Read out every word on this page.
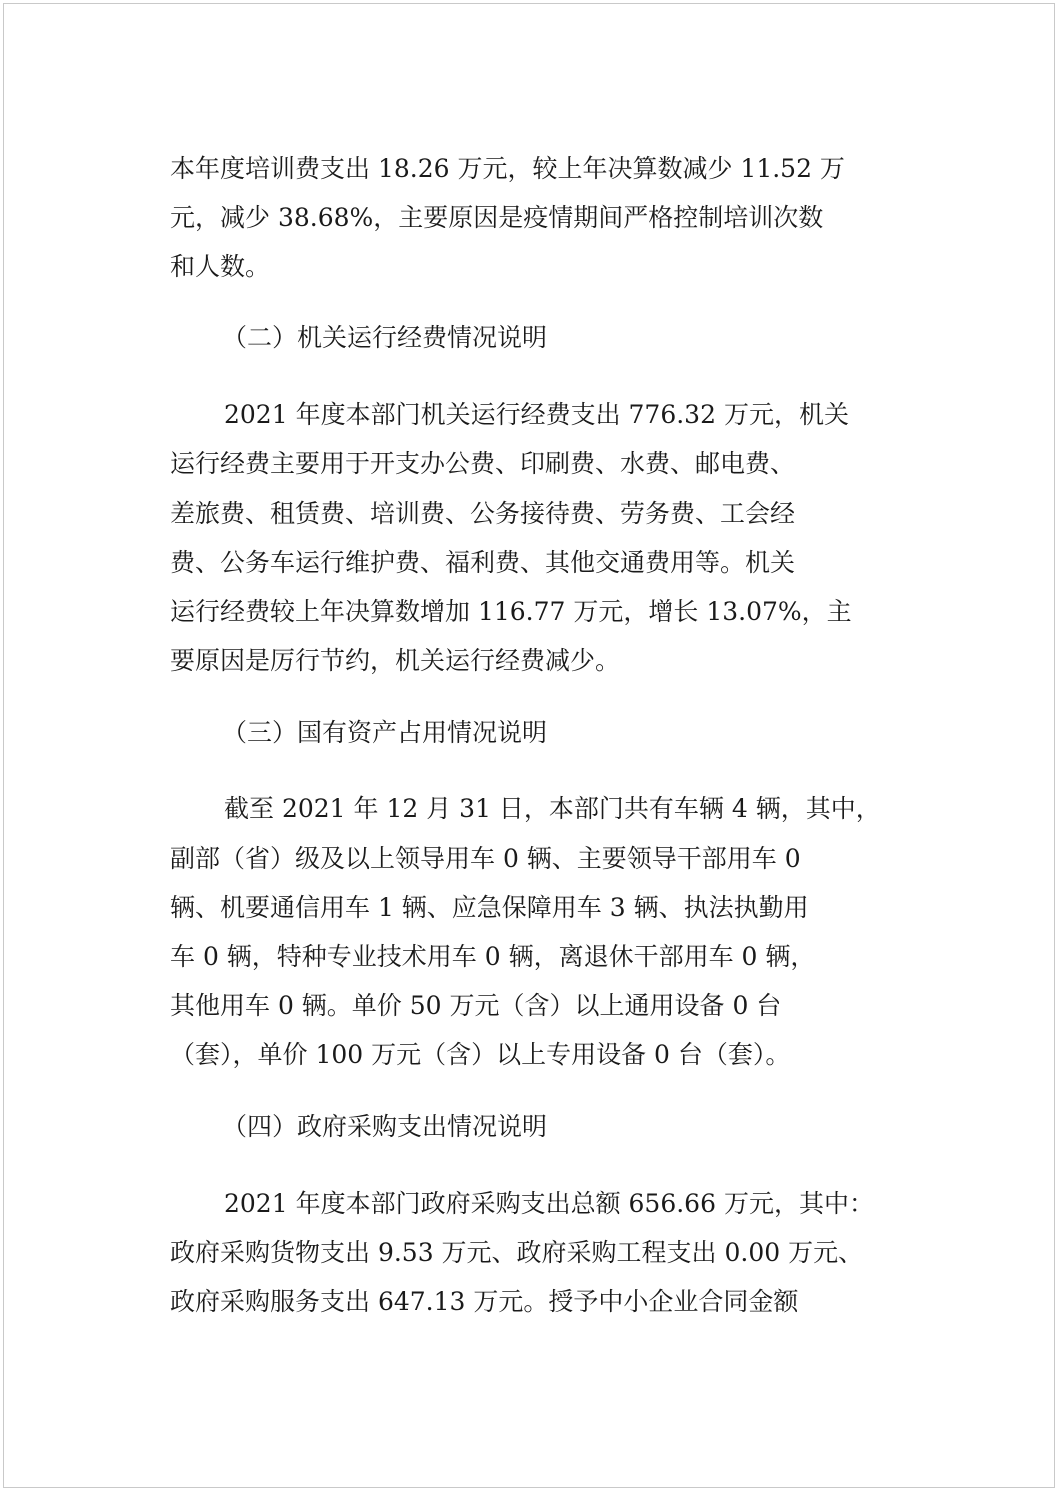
本年度培训费支出 18.26 万元，较上年决算数减少 11.52 万

元，减少 38.68%，主要原因是疫情期间严格控制培训次数

和人数。

（二）机关运行经费情况说明

2021 年度本部门机关运行经费支出 776.32 万元，机关

运行经费主要用于开支办公费、印刷费、水费、邮电费、

差旅费、租赁费、培训费、公务接待费、劳务费、工会经

费、公务车运行维护费、福利费、其他交通费用等。机关

运行经费较上年决算数增加 116.77 万元，增长 13.07%，主

要原因是厉行节约，机关运行经费减少。

（三）国有资产占用情况说明

截至 2021 年 12 月 31 日，本部门共有车辆 4 辆，其中，

副部（省）级及以上领导用车 0 辆、主要领导干部用车 0

辆、机要通信用车 1 辆、应急保障用车 3 辆、执法执勤用

车 0 辆，特种专业技术用车 0 辆，离退休干部用车 0 辆，

其他用车 0 辆。单价 50 万元（含）以上通用设备 0 台

（套），单价 100 万元（含）以上专用设备 0 台（套）。

（四）政府采购支出情况说明

2021 年度本部门政府采购支出总额 656.66 万元，其中：

政府采购货物支出 9.53 万元、政府采购工程支出 0.00 万元、

政府采购服务支出 647.13 万元。授予中小企业合同金额
